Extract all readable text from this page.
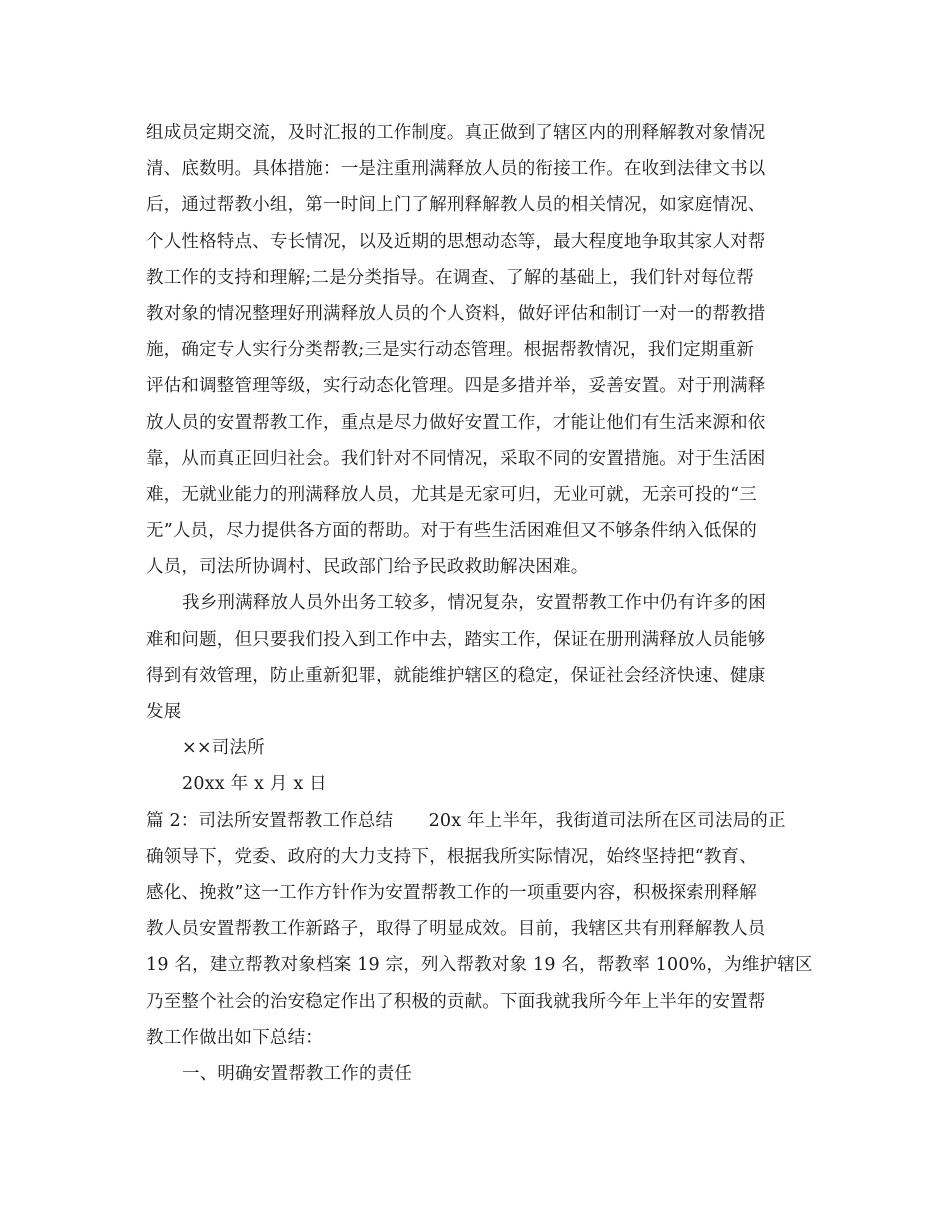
组成员定期交流，及时汇报的工作制度。真正做到了辖区内的刑释解教对象情况
清、底数明。具体措施：一是注重刑满释放人员的衔接工作。在收到法律文书以
后，通过帮教小组，第一时间上门了解刑释解教人员的相关情况，如家庭情况、
个人性格特点、专长情况，以及近期的思想动态等，最大程度地争取其家人对帮
教工作的支持和理解;二是分类指导。在调查、了解的基础上，我们针对每位帮
教对象的情况整理好刑满释放人员的个人资料，做好评估和制订一对一的帮教措
施，确定专人实行分类帮教;三是实行动态管理。根据帮教情况，我们定期重新
评估和调整管理等级，实行动态化管理。四是多措并举，妥善安置。对于刑满释
放人员的安置帮教工作，重点是尽力做好安置工作，才能让他们有生活来源和依
靠，从而真正回归社会。我们针对不同情况，采取不同的安置措施。对于生活困
难，无就业能力的刑满释放人员，尤其是无家可归，无业可就，无亲可投的“三
无”人员，尽力提供各方面的帮助。对于有些生活困难但又不够条件纳入低保的
人员，司法所协调村、民政部门给予民政救助解决困难。
我乡刑满释放人员外出务工较多，情况复杂，安置帮教工作中仍有许多的困
难和问题，但只要我们投入到工作中去，踏实工作，保证在册刑满释放人员能够
得到有效管理，防止重新犯罪，就能维护辖区的稳定，保证社会经济快速、健康
发展
××司法所
20xx 年 x 月 x 日
篇 2：司法所安置帮教工作总结　　20x 年上半年，我街道司法所在区司法局的正
确领导下，党委、政府的大力支持下，根据我所实际情况，始终坚持把“教育、
感化、挽救”这一工作方针作为安置帮教工作的一项重要内容，积极探索刑释解
教人员安置帮教工作新路子，取得了明显成效。目前，我辖区共有刑释解教人员
19 名，建立帮教对象档案 19 宗，列入帮教对象 19 名，帮教率 100%，为维护辖区
乃至整个社会的治安稳定作出了积极的贡献。下面我就我所今年上半年的安置帮
教工作做出如下总结：
一、明确安置帮教工作的责任
